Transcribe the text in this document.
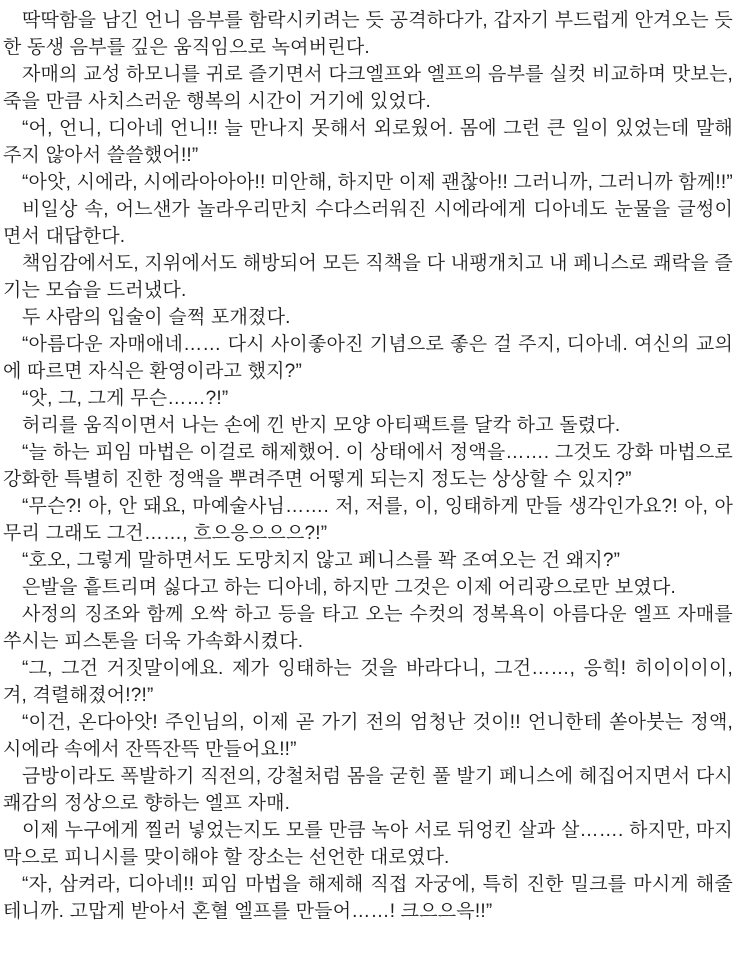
딱딱함을 남긴 언니 음부를 함락시키려는 듯 공격하다가, 갑자기 부드럽게 안겨오는 듯한 동생 음부를 깊은 움직임으로 녹여버린다.

자매의 교성 하모니를 귀로 즐기면서 다크엘프와 엘프의 음부를 실컷 비교하며 맛보는, 죽을 만큼 사치스러운 행복의 시간이 거기에 있었다.

“어, 언니, 디아네 언니!! 늘 만나지 못해서 외로웠어. 몸에 그런 큰 일이 있었는데 말해주지 않아서 쓸쓸했어!!”

“아앗, 시에라, 시에라아아아!! 미안해, 하지만 이제 괜찮아!! 그러니까, 그러니까 함께!!”

비일상 속, 어느샌가 놀라우리만치 수다스러워진 시에라에게 디아네도 눈물을 글썽이면서 대답한다.

책임감에서도, 지위에서도 해방되어 모든 직책을 다 내팽개치고 내 페니스로 쾌락을 즐기는 모습을 드러냈다.

두 사람의 입술이 슬쩍 포개졌다.

“아름다운 자매애네…… 다시 사이좋아진 기념으로 좋은 걸 주지, 디아네. 여신의 교의에 따르면 자식은 환영이라고 했지?”

“앗, 그, 그게 무슨……?!”

허리를 움직이면서 나는 손에 낀 반지 모양 아티팩트를 달칵 하고 돌렸다.

“늘 하는 피임 마법은 이걸로 해제했어. 이 상태에서 정액을……. 그것도 강화 마법으로 강화한 특별히 진한 정액을 뿌려주면 어떻게 되는지 정도는 상상할 수 있지?”

“무슨?! 아, 안 돼요, 마예술사님……. 저, 저를, 이, 잉태하게 만들 생각인가요?! 아, 아무리 그래도 그건……, 흐으응으으으?!”

“호오, 그렇게 말하면서도 도망치지 않고 페니스를 꽉 조여오는 건 왜지?”

은발을 흩트리며 싫다고 하는 디아네, 하지만 그것은 이제 어리광으로만 보였다.

사정의 징조와 함께 오싹 하고 등을 타고 오는 수컷의 정복욕이 아름다운 엘프 자매를 쑤시는 피스톤을 더욱 가속화시켰다.

“그, 그건 거짓말이에요. 제가 잉태하는 것을 바라다니, 그건……, 응힉! 히이이이이, 겨, 격렬해졌어!?!”

“이건, 온다아앗! 주인님의, 이제 곧 가기 전의 엄청난 것이!! 언니한테 쏟아붓는 정액, 시에라 속에서 잔뜩잔뜩 만들어요!!”

금방이라도 폭발하기 직전의, 강철처럼 몸을 굳힌 풀 발기 페니스에 헤집어지면서 다시 쾌감의 정상으로 향하는 엘프 자매.

이제 누구에게 찔러 넣었는지도 모를 만큼 녹아 서로 뒤엉킨 살과 살……. 하지만, 마지막으로 피니시를 맞이해야 할 장소는 선언한 대로였다.

“자, 삼켜라, 디아네!! 피임 마법을 해제해 직접 자궁에, 특히 진한 밀크를 마시게 해줄 테니까. 고맙게 받아서 혼혈 엘프를 만들어……! 크으으윽!!”
